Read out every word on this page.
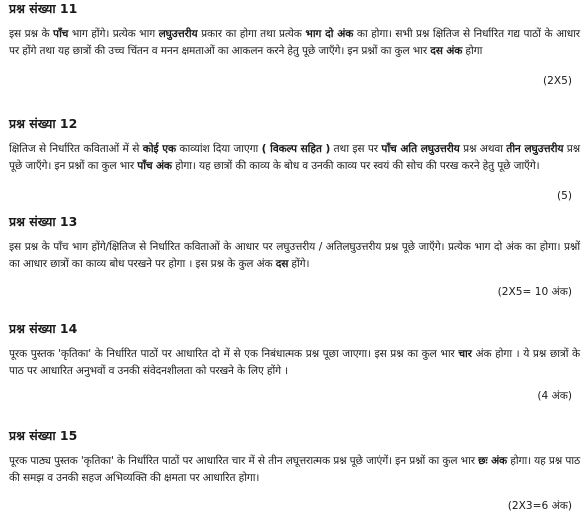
प्रश्न संख्या 11

इस प्रश्न के पाँच भाग होंगे। प्रत्येक भाग लघुउत्तरीय प्रकार का होगा तथा प्रत्येक भाग दो अंक का होगा। सभी प्रश्न क्षितिज से निर्धारित गद्य पाठों के आधार पर होंगे तथा यह छात्रों की उच्च चिंतन व मनन क्षमताओं का आकलन करने हेतु पूछे जाएँगे। इन प्रश्नों का कुल भार दस अंक होगा

(2X5)
प्रश्न संख्या 12

क्षितिज से निर्धारित कविताओं में से कोई एक काव्यांश दिया जाएगा ( विकल्प सहित ) तथा इस पर पाँच अति लघुउत्तरीय प्रश्न अथवा तीन लघुउत्तरीय प्रश्न पूछे जाएँगे। इन प्रश्नों का कुल भार पाँच अंक होगा। यह छात्रों की काव्य के बोध व उनकी काव्य पर स्वयं की सोच की परख करने हेतु पूछे जाएँगे।

(5)
प्रश्न संख्या 13

इस प्रश्न के पाँच भाग होंगे/क्षितिज से निर्धारित कविताओं के आधार पर लघुउत्तरीय / अतिलघुउत्तरीय प्रश्न पूछे जाएँगे। प्रत्येक भाग दो अंक का होगा। प्रश्नों का आधार छात्रों का काव्य बोध परखने पर होगा । इस प्रश्न के कुल अंक दस होंगे।

(2X5= 10 अंक)
प्रश्न संख्या 14

पूरक पुस्तक 'कृतिका' के निर्धारित पाठों पर आधारित दो में से एक निबंधात्मक प्रश्न पूछा जाएगा। इस प्रश्न का कुल भार चार अंक होगा । ये प्रश्न छात्रों के पाठ पर आधारित अनुभवों व उनकी संवेदनशीलता को परखने के लिए होंगे ।

(4 अंक)
प्रश्न संख्या 15

पूरक पाठ्य पुस्तक 'कृतिका' के निर्धारित पाठों पर आधारित चार में से तीन लघूत्तरात्मक प्रश्न पूछे जाएंगें। इन प्रश्नों का कुल भार छः अंक होगा। यह प्रश्न पाठ की समझ व उनकी सहज अभिव्यक्ति की क्षमता पर आधारित होगा।

(2X3=6 अंक)
